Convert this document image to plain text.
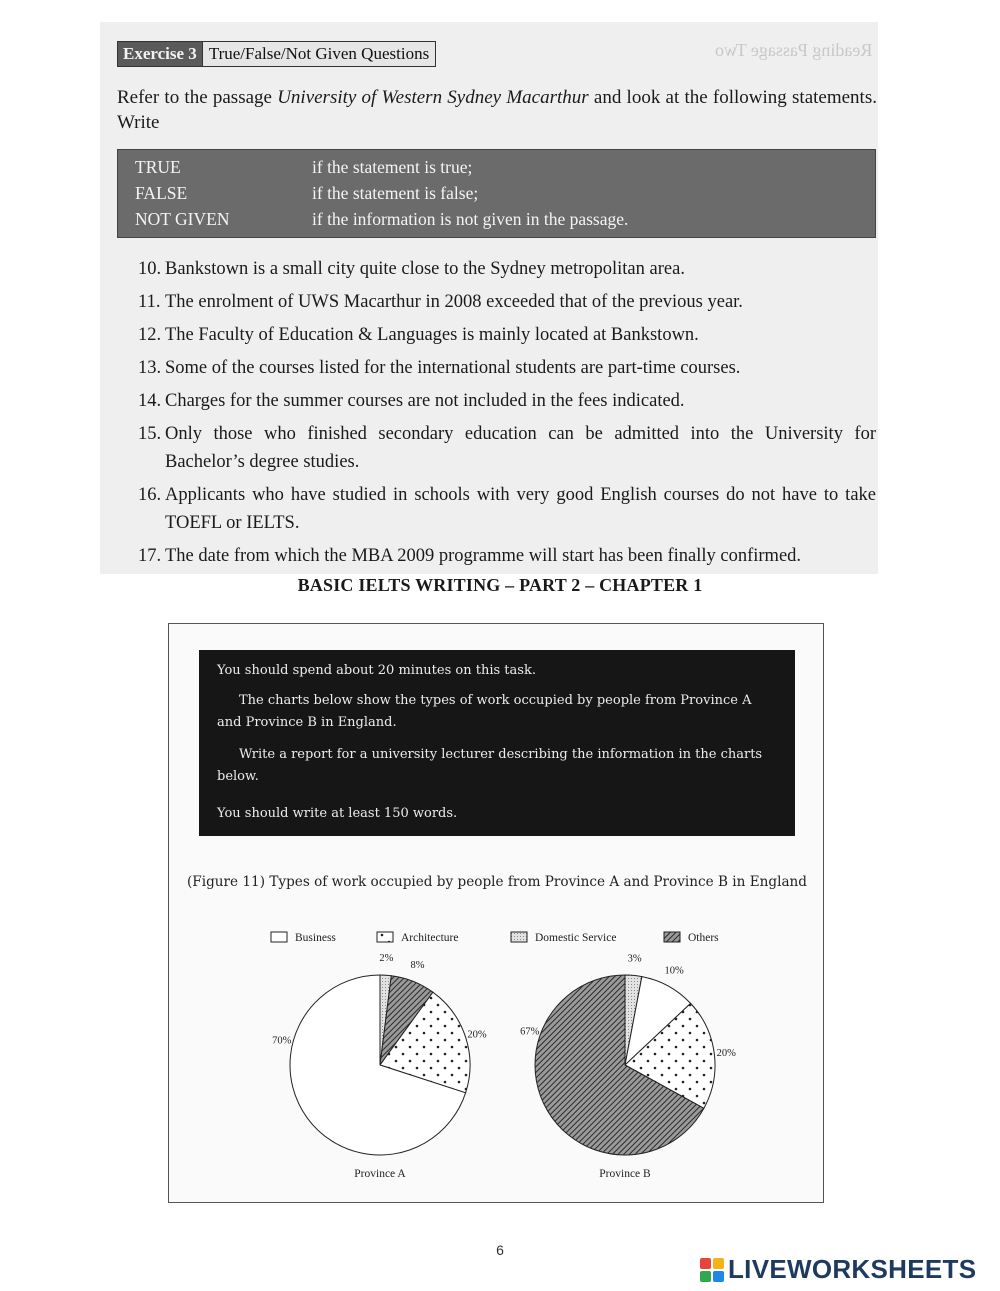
Reading Passage Two
Exercise 3 True/False/Not Given Questions
Refer to the passage University of Western Sydney Macarthur and look at the following statements. Write
TRUE	if the statement is true;
FALSE	if the statement is false;
NOT GIVEN	if the information is not given in the passage.
10. Bankstown is a small city quite close to the Sydney metropolitan area.
11. The enrolment of UWS Macarthur in 2008 exceeded that of the previous year.
12. The Faculty of Education & Languages is mainly located at Bankstown.
13. Some of the courses listed for the international students are part-time courses.
14. Charges for the summer courses are not included in the fees indicated.
15. Only those who finished secondary education can be admitted into the University for Bachelor’s degree studies.
16. Applicants who have studied in schools with very good English courses do not have to take TOEFL or IELTS.
17. The date from which the MBA 2009 programme will start has been finally confirmed.
BASIC IELTS WRITING – PART 2 – CHAPTER 1

You should spend about 20 minutes on this task.

The charts below show the types of work occupied by people from Province A and Province B in England.

Write a report for a university lecturer describing the information in the charts below.

You should write at least 150 words.

(Figure 11) Types of work occupied by people from Province A and Province B in England
Business	Architecture	Domestic Service	Others
2%
8%
20%
70%
3%
10%
20%
67%
Province A	Province B
6
LIVEWORKSHEETS
